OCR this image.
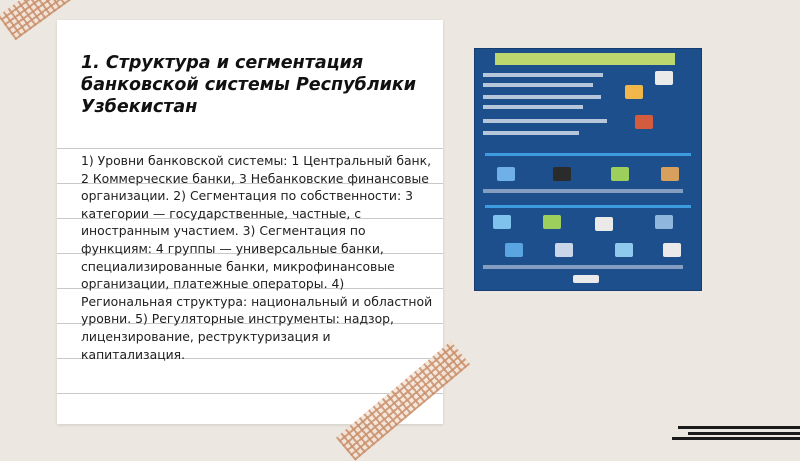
1. Структура и сегментация банковской системы Республики Узбекистан

1) Уровни банковской системы: 1 Центральный банк, 2 Коммерческие банки, 3 Небанковские финансовые организации. 2) Сегментация по собственности: 3 категории — государственные, частные, с иностранным участием. 3) Сегментация по функциям: 4 группы — универсальные банки, специализированные банки, микрофинансовые организации, платежные операторы. 4) Региональная структура: национальный и областной уровни. 5) Регуляторные инструменты: надзор, лицензирование, реструктуризация и капитализация.
